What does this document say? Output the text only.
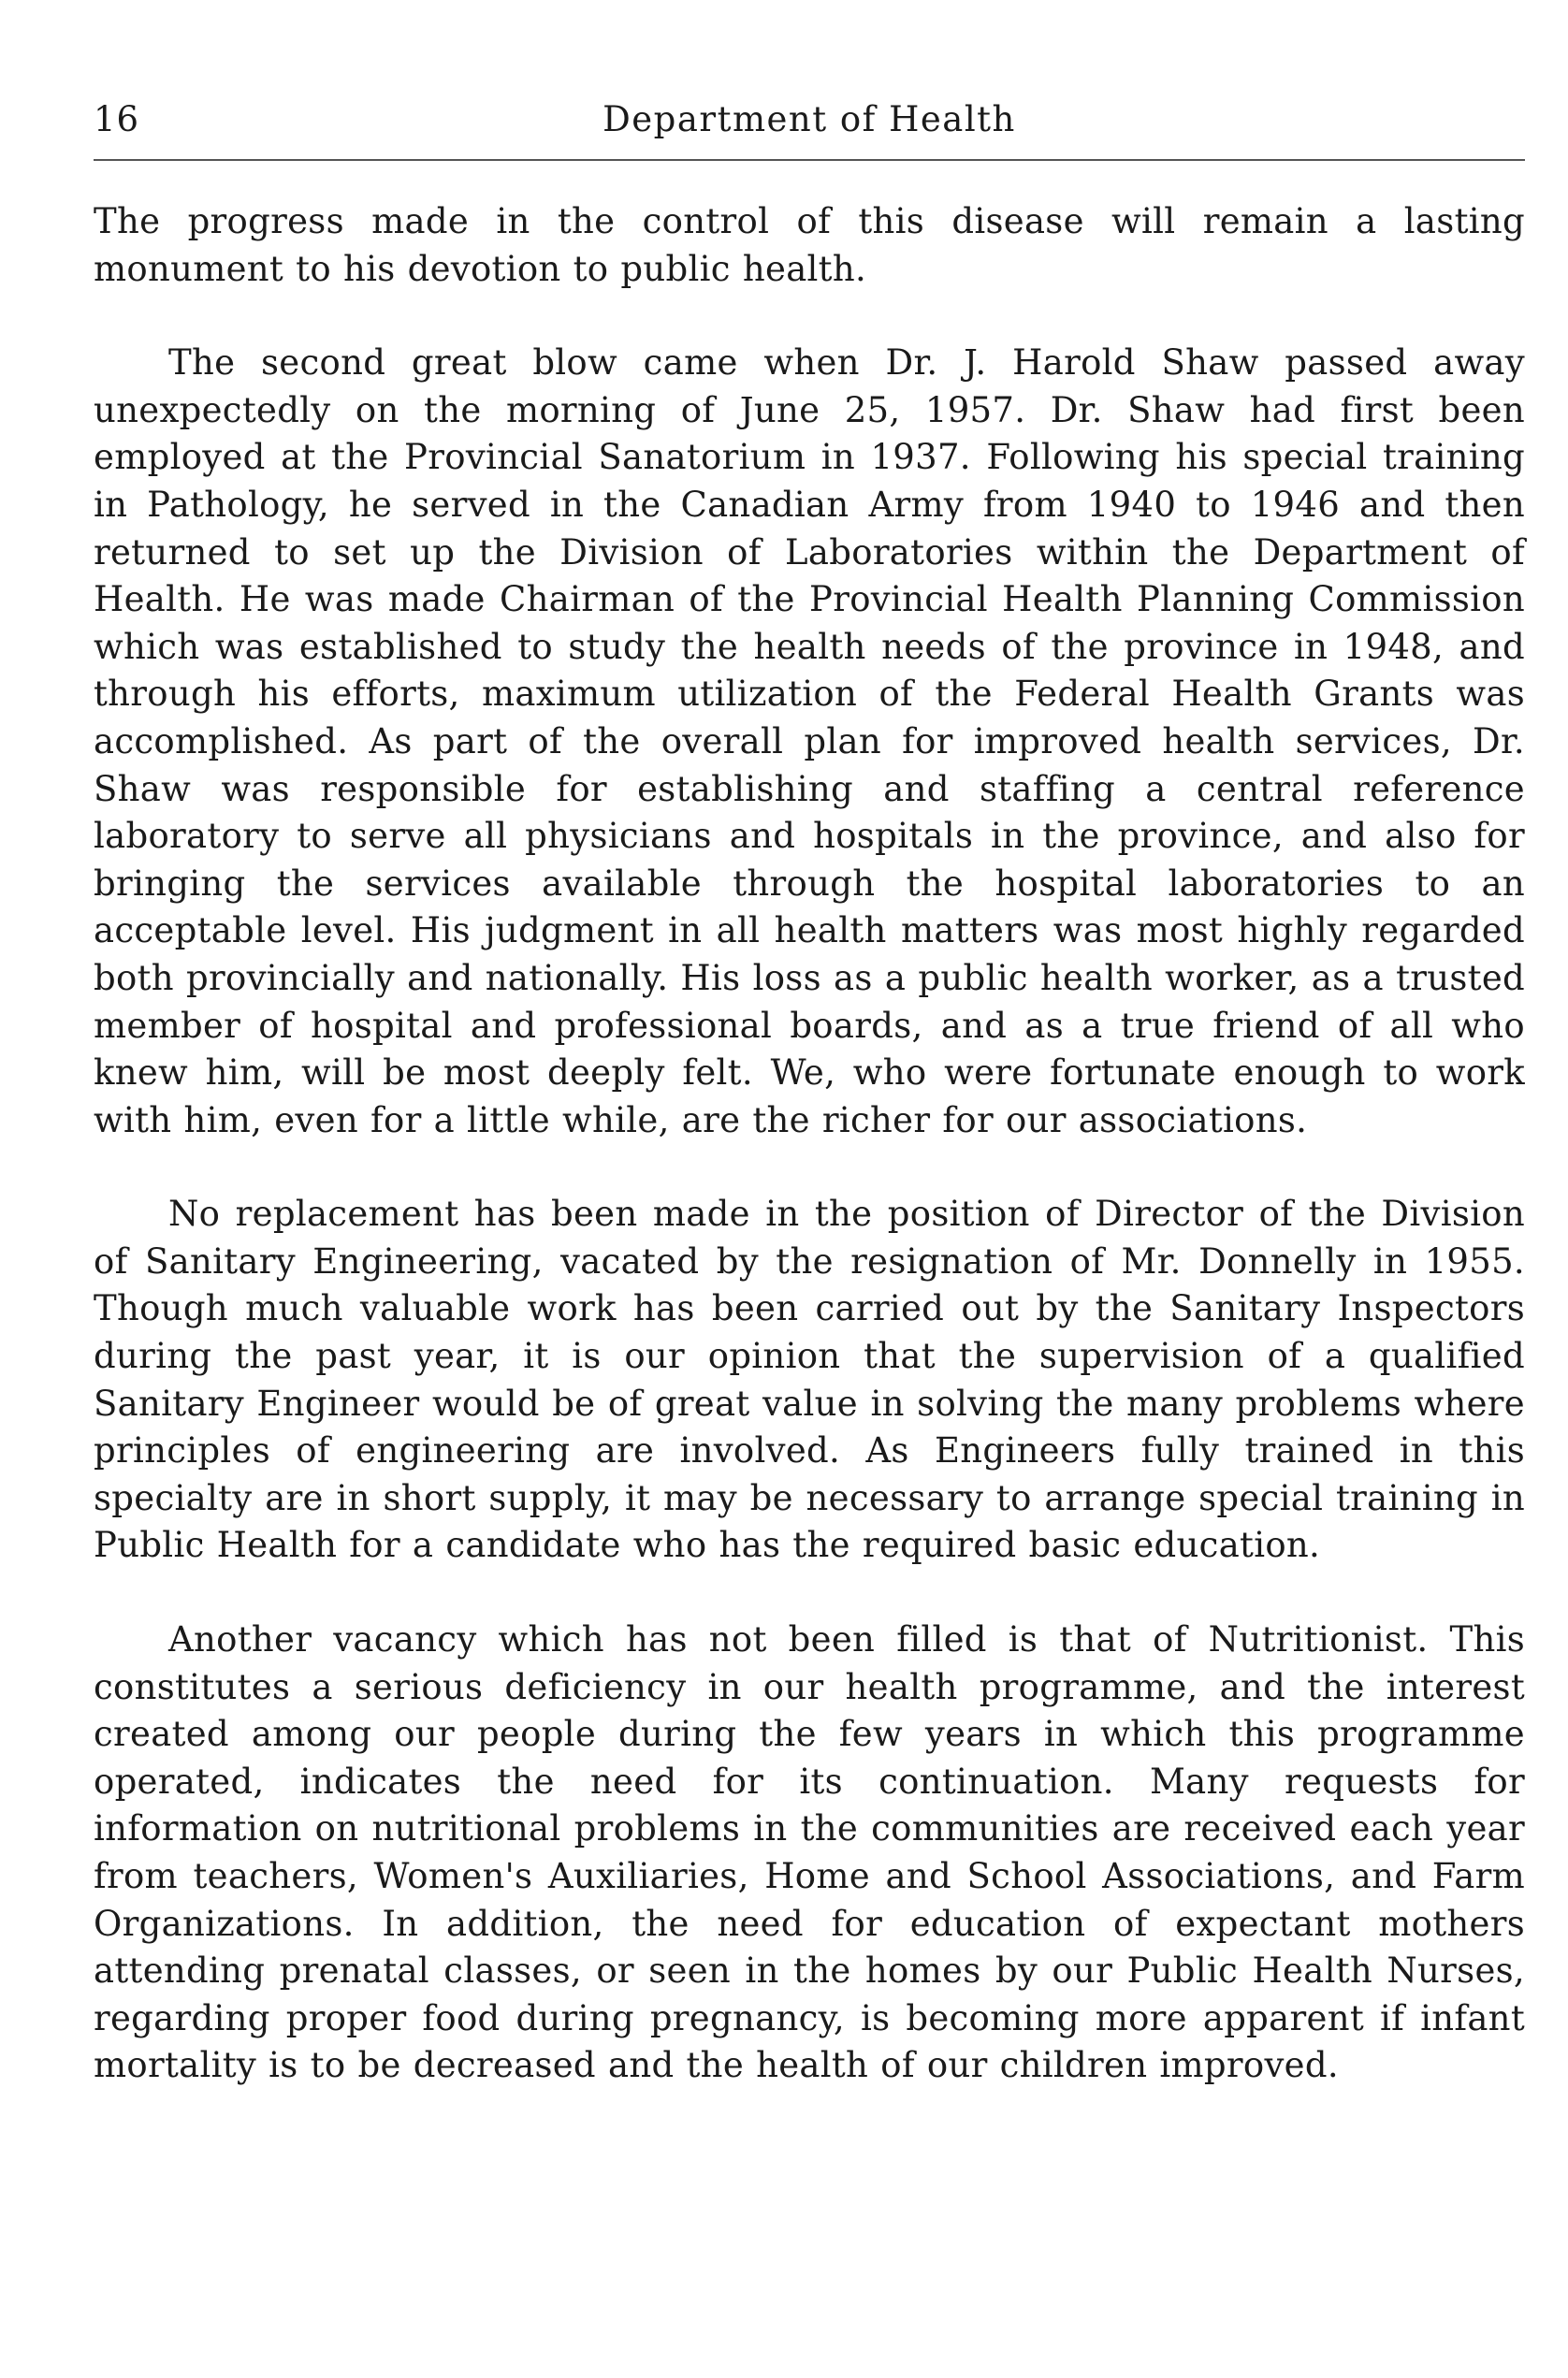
16	Department of Health

The progress made in the control of this disease will remain a lasting monument to his devotion to public health.

The second great blow came when Dr. J. Harold Shaw passed away unexpectedly on the morning of June 25, 1957. Dr. Shaw had first been employed at the Provincial Sanatorium in 1937. Following his special training in Pathology, he served in the Canadian Army from 1940 to 1946 and then returned to set up the Division of Laboratories within the Department of Health. He was made Chairman of the Provincial Health Planning Commission which was established to study the health needs of the province in 1948, and through his efforts, maximum utilization of the Federal Health Grants was accomplished. As part of the overall plan for improved health services, Dr. Shaw was responsible for establishing and staffing a central reference laboratory to serve all physicians and hospitals in the province, and also for bringing the services available through the hospital laboratories to an acceptable level. His judgment in all health matters was most highly regarded both provincially and nationally. His loss as a public health worker, as a trusted member of hospital and professional boards, and as a true friend of all who knew him, will be most deeply felt. We, who were fortunate enough to work with him, even for a little while, are the richer for our associations.

No replacement has been made in the position of Director of the Division of Sanitary Engineering, vacated by the resignation of Mr. Donnelly in 1955. Though much valuable work has been carried out by the Sanitary Inspectors during the past year, it is our opinion that the supervision of a qualified Sanitary Engineer would be of great value in solving the many problems where principles of engineering are involved. As Engineers fully trained in this specialty are in short supply, it may be necessary to arrange special training in Public Health for a candidate who has the required basic education.

Another vacancy which has not been filled is that of Nutritionist. This constitutes a serious deficiency in our health programme, and the interest created among our people during the few years in which this programme operated, indicates the need for its continuation. Many requests for information on nutritional problems in the communities are received each year from teachers, Women's Auxiliaries, Home and School Associations, and Farm Organizations. In addition, the need for education of expectant mothers attending prenatal classes, or seen in the homes by our Public Health Nurses, regarding proper food during pregnancy, is becoming more apparent if infant mortality is to be decreased and the health of our children improved.
